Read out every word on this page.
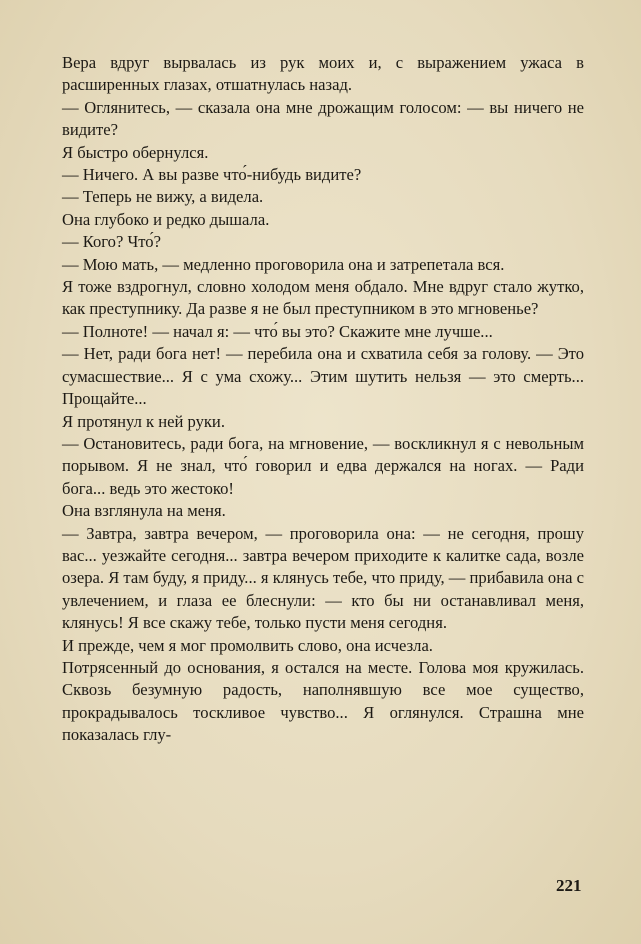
Вера вдруг вырвалась из рук моих и, с выражением ужаса в расширенных глазах, отшатнулась назад.

— Оглянитесь, — сказала она мне дрожащим голосом: — вы ничего не видите?

Я быстро обернулся.

— Ничего. А вы разве что́-нибудь видите?

— Теперь не вижу, а видела.

Она глубоко и редко дышала.

— Кого? Что́?

— Мою мать, — медленно проговорила она и затрепетала вся.

Я тоже вздрогнул, словно холодом меня обдало. Мне вдруг стало жутко, как преступнику. Да разве я не был преступником в это мгновенье?

— Полноте! — начал я: — что́ вы это? Скажите мне лучше...

— Нет, ради бога нет! — перебила она и схватила себя за голову. — Это сумасшествие... Я с ума схожу... Этим шутить нельзя — это смерть... Прощайте...

Я протянул к ней руки.

— Остановитесь, ради бога, на мгновение, — воскликнул я с невольным порывом. Я не знал, что́ говорил и едва держался на ногах. — Ради бога... ведь это жестоко!

Она взглянула на меня.

— Завтра, завтра вечером, — проговорила она: — не сегодня, прошу вас... уезжайте сегодня... завтра вечером приходите к калитке сада, возле озера. Я там буду, я приду... я клянусь тебе, что приду, — прибавила она с увлечением, и глаза ее блеснули: — кто бы ни останавливал меня, клянусь! Я все скажу тебе, только пусти меня сегодня.

И прежде, чем я мог промолвить слово, она исчезла.

Потрясенный до основания, я остался на месте. Голова моя кружилась. Сквозь безумную радость, наполнявшую все мое существо, прокрадывалось тоскливое чувство... Я оглянулся. Страшна мне показалась глу-

221
